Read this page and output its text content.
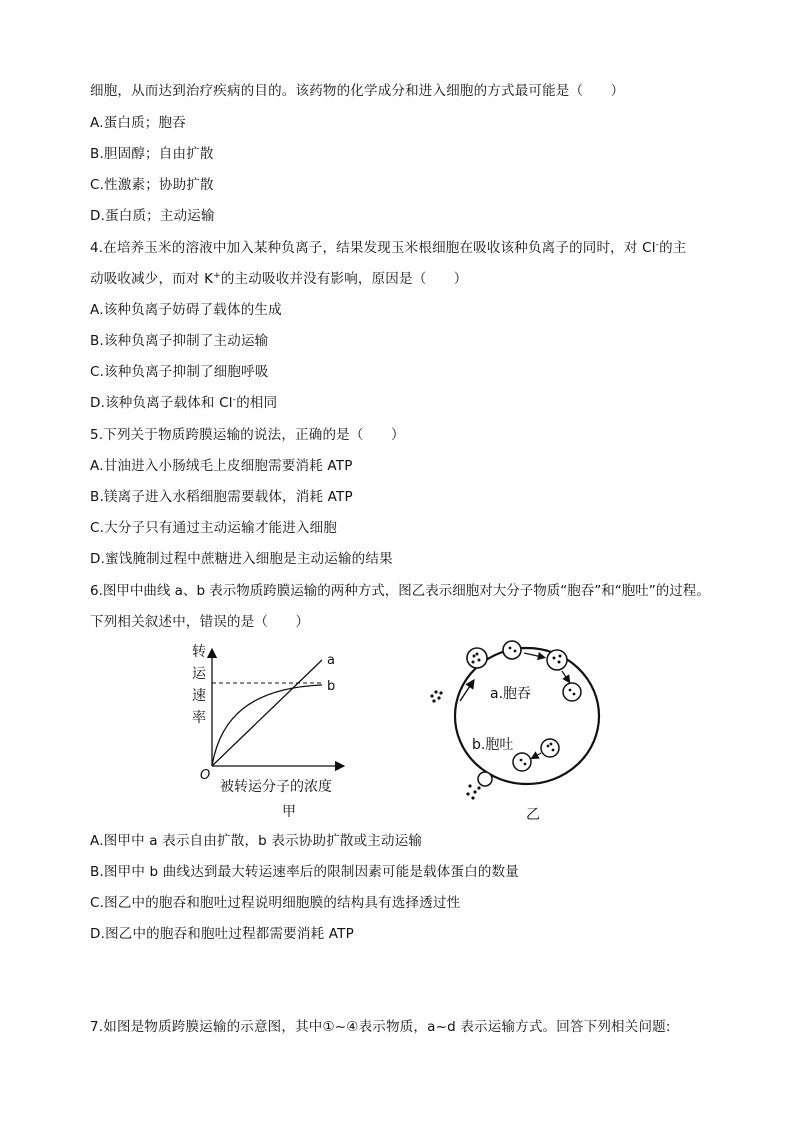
细胞，从而达到治疗疾病的目的。该药物的化学成分和进入细胞的方式最可能是（　　）
A.蛋白质；胞吞
B.胆固醇；自由扩散
C.性激素；协助扩散
D.蛋白质；主动运输
4.在培养玉米的溶液中加入某种负离子，结果发现玉米根细胞在吸收该种负离子的同时，对 Cl-的主
动吸收减少，而对 K+的主动吸收并没有影响，原因是（　　）
A.该种负离子妨碍了载体的生成
B.该种负离子抑制了主动运输
C.该种负离子抑制了细胞呼吸
D.该种负离子载体和 Cl-的相同
5.下列关于物质跨膜运输的说法，正确的是（　　）
A.甘油进入小肠绒毛上皮细胞需要消耗 ATP
B.镁离子进入水稻细胞需要载体，消耗 ATP
C.大分子只有通过主动运输才能进入细胞
D.蜜饯腌制过程中蔗糖进入细胞是主动运输的结果
6.图甲中曲线 a、b 表示物质跨膜运输的两种方式，图乙表示细胞对大分子物质“胞吞”和“胞吐”的过程。
下列相关叙述中，错误的是（　　）
转
运
速
率
a
b
O
被转运分子的浓度
甲
a.胞吞
b.胞吐
乙
A.图甲中 a 表示自由扩散，b 表示协助扩散或主动运输
B.图甲中 b 曲线达到最大转运速率后的限制因素可能是载体蛋白的数量
C.图乙中的胞吞和胞吐过程说明细胞膜的结构具有选择透过性
D.图乙中的胞吞和胞吐过程都需要消耗 ATP
7.如图是物质跨膜运输的示意图，其中①~④表示物质，a~d 表示运输方式。回答下列相关问题:
